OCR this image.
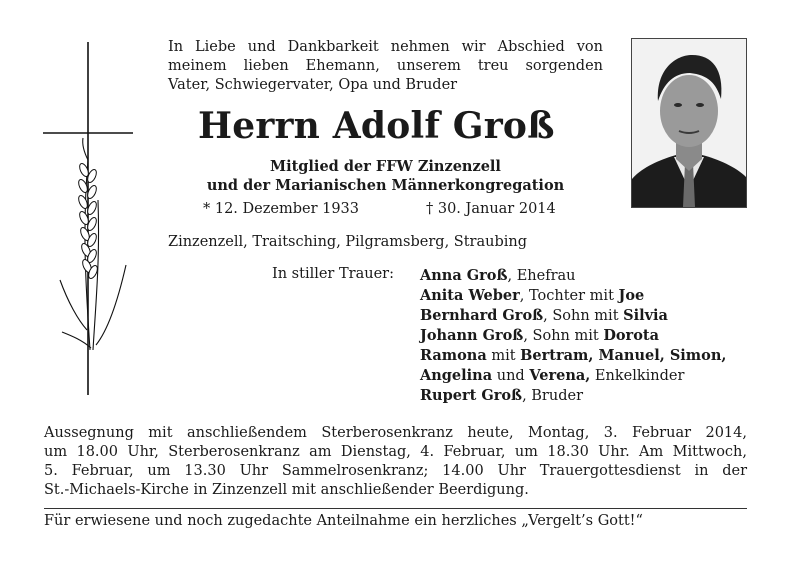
In Liebe und Dankbarkeit nehmen wir Abschied von
meinem lieben Ehemann, unserem treu sorgenden
Vater, Schwiegervater, Opa und Bruder
Herrn Adolf Groß
Mitglied der FFW Zinzenzell
und der Marianischen Männerkongregation
* 12. Dezember 1933	† 30. Januar 2014
Zinzenzell, Traitsching, Pilgramsberg, Straubing
In stiller Trauer: Anna Groß, Ehefrau
Anita Weber, Tochter mit Joe
Bernhard Groß, Sohn mit Silvia
Johann Groß, Sohn mit Dorota
Ramona mit Bertram, Manuel, Simon,
Angelina und Verena, Enkelkinder
Rupert Groß, Bruder
Aussegnung mit anschließendem Sterberosenkranz heute, Montag, 3. Februar 2014,
um 18.00 Uhr, Sterberosenkranz am Dienstag, 4. Februar, um 18.30 Uhr. Am Mittwoch,
5. Februar, um 13.30 Uhr Sammelrosenkranz; 14.00 Uhr Trauergottesdienst in der
St.-Michaels-Kirche in Zinzenzell mit anschließender Beerdigung.
Für erwiesene und noch zugedachte Anteilnahme ein herzliches „Vergelt’s Gott!“
